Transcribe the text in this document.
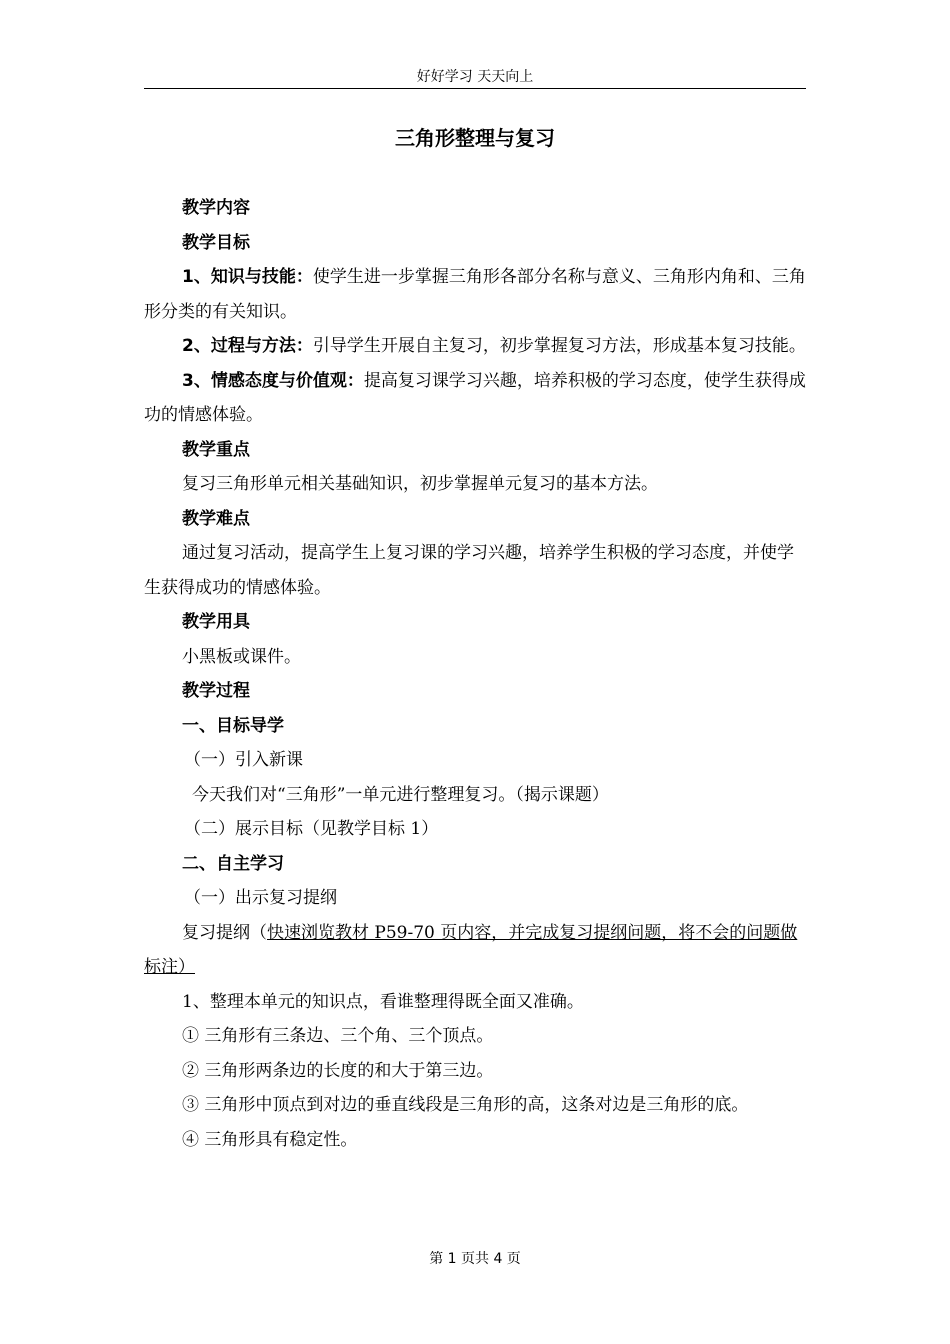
好好学习 天天向上
三角形整理与复习

教学内容

教学目标

1、知识与技能：使学生进一步掌握三角形各部分名称与意义、三角形内角和、三角形分类的有关知识。

2、过程与方法：引导学生开展自主复习，初步掌握复习方法，形成基本复习技能。

3、情感态度与价值观：提高复习课学习兴趣，培养积极的学习态度，使学生获得成功的情感体验。

教学重点

复习三角形单元相关基础知识，初步掌握单元复习的基本方法。

教学难点

通过复习活动，提高学生上复习课的学习兴趣，培养学生积极的学习态度，并使学生获得成功的情感体验。

教学用具

小黑板或课件。

教学过程

一、目标导学

（一）引入新课

今天我们对“三角形”一单元进行整理复习。（揭示课题）

（二）展示目标（见教学目标 1）

二、自主学习

（一）出示复习提纲

复习提纲（快速浏览教材 P59-70 页内容，并完成复习提纲问题，将不会的问题做标注）

1、整理本单元的知识点，看谁整理得既全面又准确。

① 三角形有三条边、三个角、三个顶点。

② 三角形两条边的长度的和大于第三边。

③ 三角形中顶点到对边的垂直线段是三角形的高，这条对边是三角形的底。

④ 三角形具有稳定性。

第 1 页共 4 页
